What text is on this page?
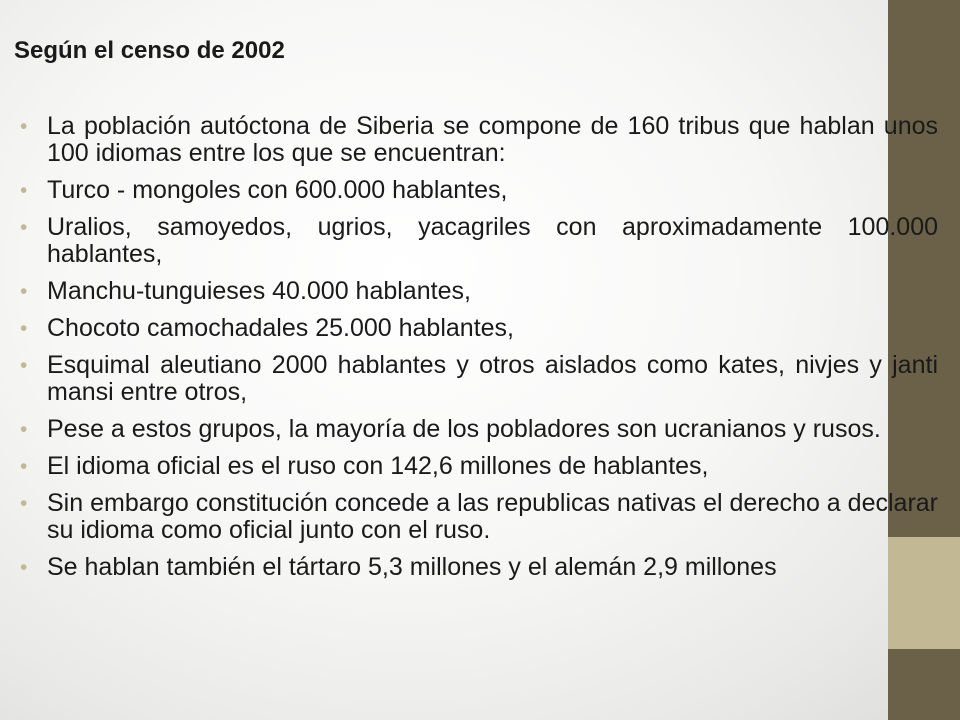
Según el censo de 2002
• La población autóctona de Siberia se compone de 160 tribus que hablan unos 100 idiomas entre los que se encuentran:
• Turco - mongoles con 600.000 hablantes,
• Uralios, samoyedos, ugrios, yacagriles con aproximadamente 100.000 hablantes,
• Manchu-tunguieses 40.000 hablantes,
• Chocoto camochadales 25.000 hablantes,
• Esquimal aleutiano 2000 hablantes y otros aislados como kates, nivjes y janti mansi entre otros,
• Pese a estos grupos, la mayoría de los pobladores son ucranianos y rusos.
• El idioma oficial es el ruso con 142,6 millones de hablantes,
• Sin embargo constitución concede a las republicas nativas el derecho a declarar su idioma como oficial junto con el ruso.
• Se hablan también el tártaro 5,3 millones y el alemán 2,9 millones
